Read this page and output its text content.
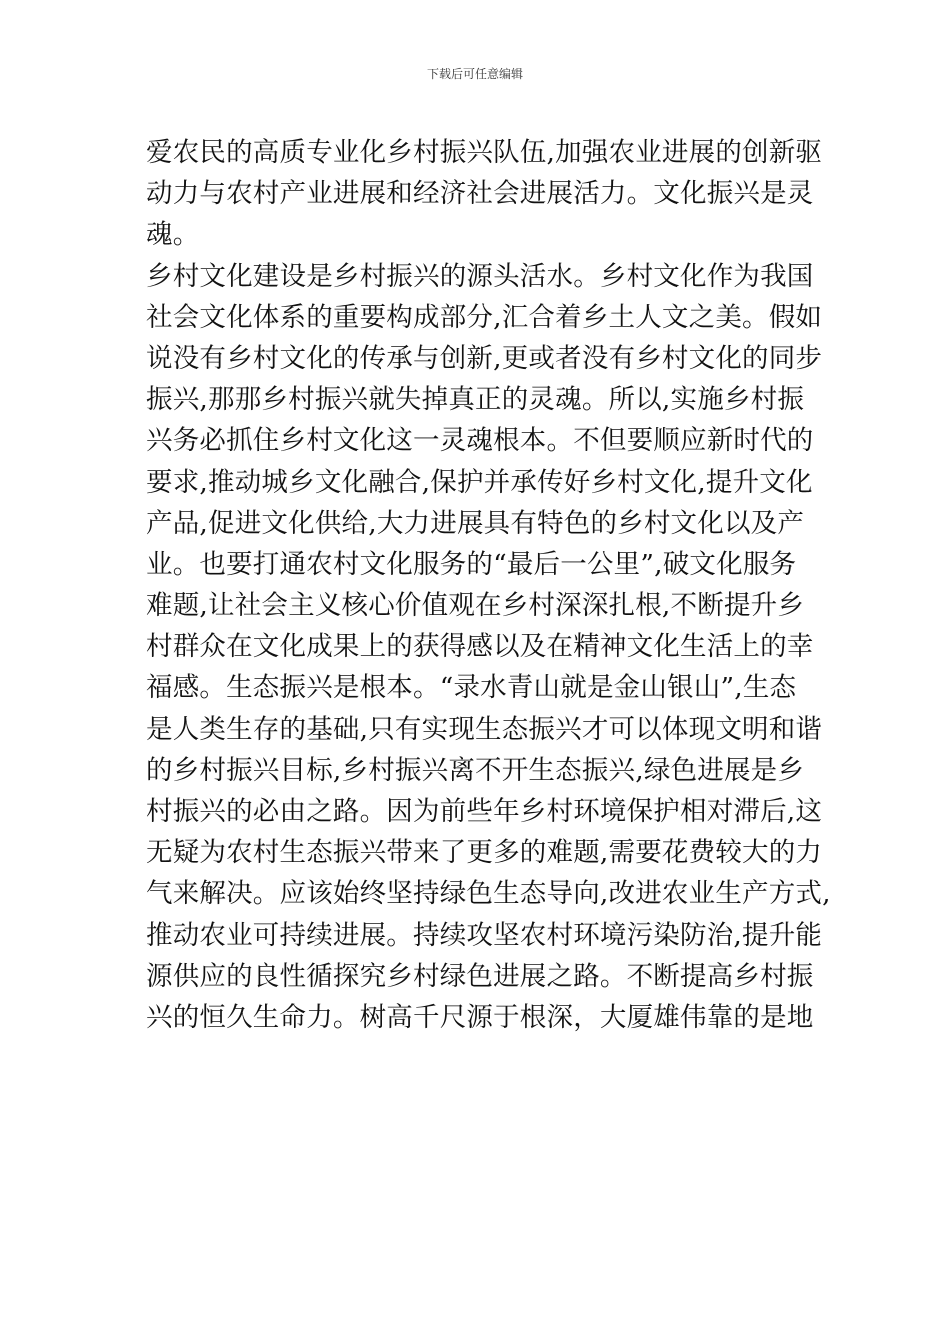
下载后可任意编辑
爱农民的高质专业化乡村振兴队伍,加强农业进展的创新驱
动力与农村产业进展和经济社会进展活力。文化振兴是灵
魂。
乡村文化建设是乡村振兴的源头活水。乡村文化作为我国
社会文化体系的重要构成部分,汇合着乡土人文之美。假如
说没有乡村文化的传承与创新,更或者没有乡村文化的同步
振兴,那那乡村振兴就失掉真正的灵魂。所以,实施乡村振
兴务必抓住乡村文化这一灵魂根本。不但要顺应新时代的
要求,推动城乡文化融合,保护并承传好乡村文化,提升文化
产品,促进文化供给,大力进展具有特色的乡村文化以及产
业。也要打通农村文化服务的“最后一公里”,破文化服务
难题,让社会主义核心价值观在乡村深深扎根,不断提升乡
村群众在文化成果上的获得感以及在精神文化生活上的幸
福感。生态振兴是根本。“录水青山就是金山银山”,生态
是人类生存的基础,只有实现生态振兴才可以体现文明和谐
的乡村振兴目标,乡村振兴离不开生态振兴,绿色进展是乡
村振兴的必由之路。因为前些年乡村环境保护相对滞后,这
无疑为农村生态振兴带来了更多的难题,需要花费较大的力
气来解决。应该始终坚持绿色生态导向,改进农业生产方式,
推动农业可持续进展。持续攻坚农村环境污染防治,提升能
源供应的良性循探究乡村绿色进展之路。不断提高乡村振
兴的恒久生命力。树高千尺源于根深，大厦雄伟靠的是地
